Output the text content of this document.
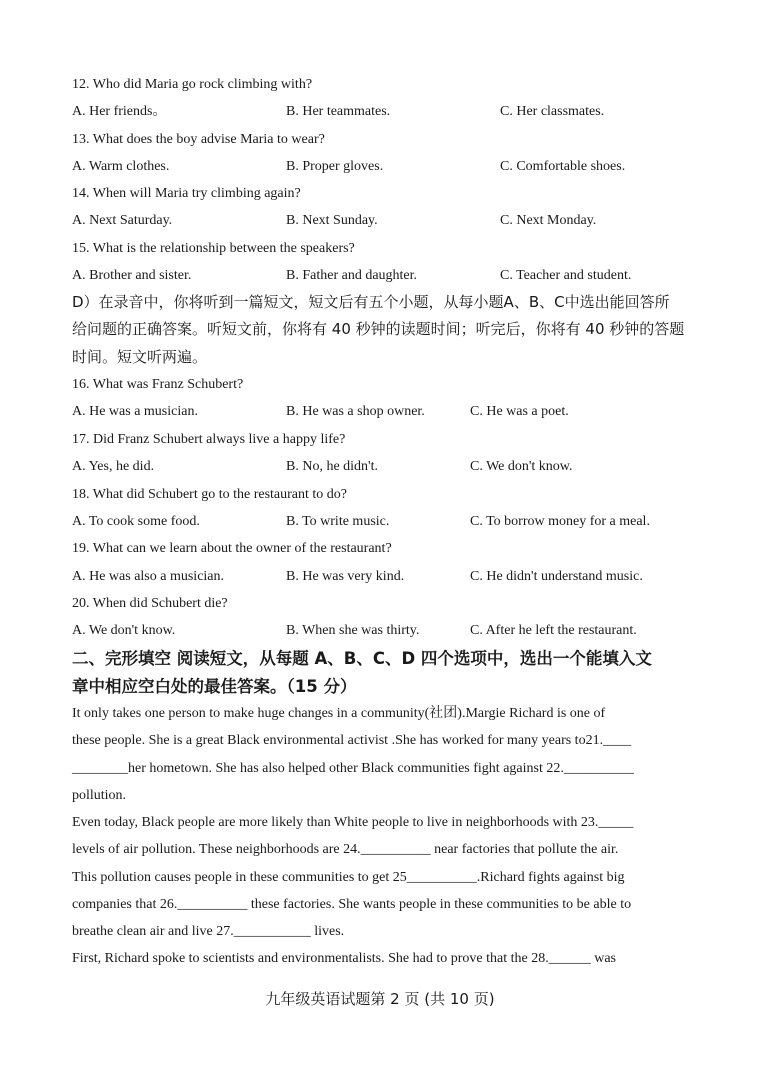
12. Who did Maria go rock climbing with?
A. Her friends。	B. Her teammates.	C. Her classmates.
13. What does the boy advise Maria to wear?
A. Warm clothes.	B. Proper gloves.	C. Comfortable shoes.
14. When will Maria try climbing again?
A. Next Saturday.	B. Next Sunday.	C. Next Monday.
15. What is the relationship between the speakers?
A. Brother and sister.	B. Father and daughter.	C. Teacher and student.
D）在录音中，你将听到一篇短文，短文后有五个小题，从每小题A、B、C中选出能回答所
给问题的正确答案。听短文前，你将有 40 秒钟的读题时间；听完后，你将有 40 秒钟的答题
时间。短文听两遍。
16. What was Franz Schubert?
A. He was a musician.	B. He was a shop owner.	C. He was a poet.
17. Did Franz Schubert always live a happy life?
A. Yes, he did.	B. No, he didn't.	C. We don't know.
18. What did Schubert go to the restaurant to do?
A. To cook some food.	B. To write music.	C. To borrow money for a meal.
19. What can we learn about the owner of the restaurant?
A. He was also a musician.	B. He was very kind.	C. He didn't understand music.
20. When did Schubert die?
A. We don't know.	B. When she was thirty.	C. After he left the restaurant.
二、完形填空 阅读短文，从每题 A、B、C、D 四个选项中，选出一个能填入文
章中相应空白处的最佳答案。（15 分）
It only takes one person to make huge changes in a community(社团).Margie Richard is one of
these people. She is a great Black environmental activist .She has worked for many years to21.____
________her hometown. She has also helped other Black communities fight against 22.__________
pollution.
Even today, Black people are more likely than White people to live in neighborhoods with 23._____
levels of air pollution. These neighborhoods are 24.__________ near factories that pollute the air.
This pollution causes people in these communities to get 25__________.Richard fights against big
companies that 26.__________ these factories. She wants people in these communities to be able to
breathe clean air and live 27.___________ lives.
First, Richard spoke to scientists and environmentalists. She had to prove that the 28.______ was
九年级英语试题第 2 页 (共 10 页)
